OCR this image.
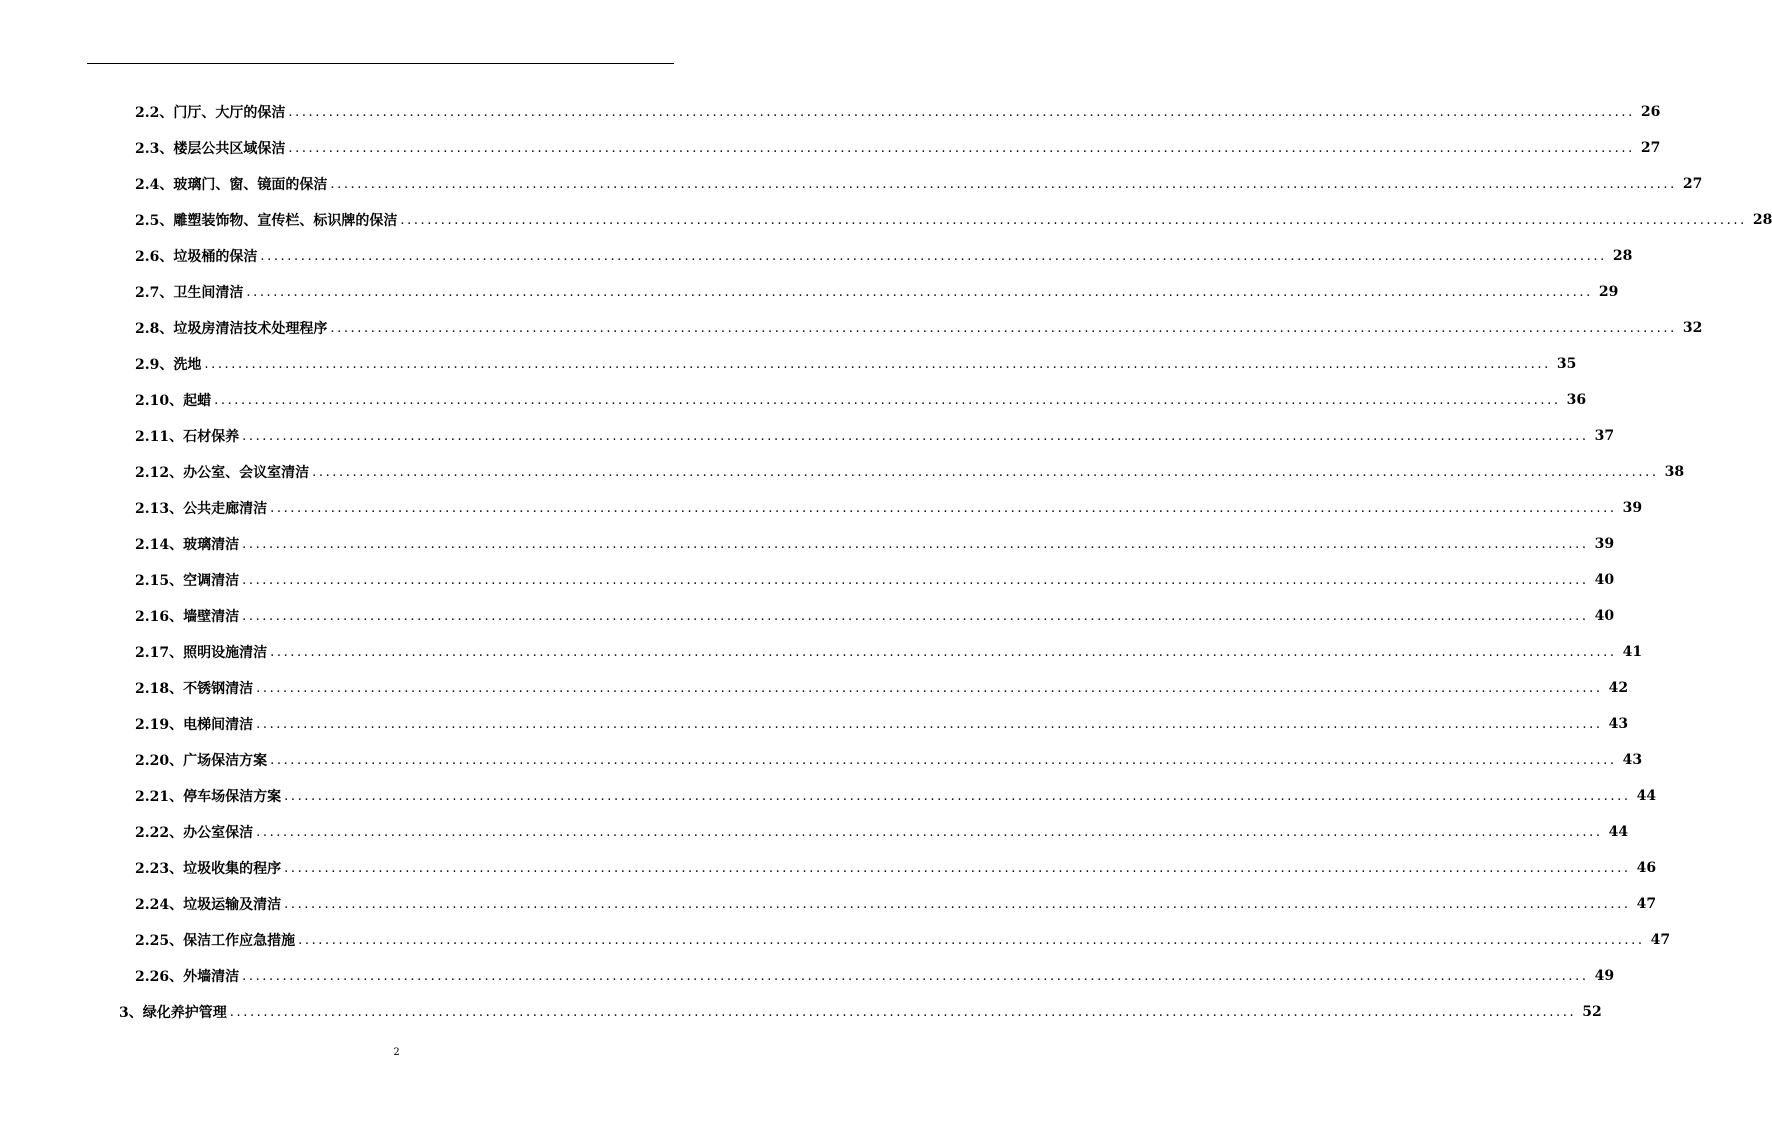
2.2、门厅、大厅的保洁 ........................................................................................................................................................................................................ 26
2.3、楼层公共区域保洁 ........................................................................................................................................................................................................ 27
2.4、玻璃门、窗、镜面的保洁 ........................................................................................................................................................................................................ 27
2.5、雕塑装饰物、宣传栏、标识牌的保洁 ........................................................................................................................................................................................................ 28
2.6、垃圾桶的保洁 ........................................................................................................................................................................................................ 28
2.7、卫生间清洁 ........................................................................................................................................................................................................ 29
2.8、垃圾房清洁技术处理程序 ........................................................................................................................................................................................................ 32
2.9、洗地 ........................................................................................................................................................................................................ 35
2.10、起蜡 ........................................................................................................................................................................................................ 36
2.11、石材保养 ........................................................................................................................................................................................................ 37
2.12、办公室、会议室清洁 ........................................................................................................................................................................................................ 38
2.13、公共走廊清洁 ........................................................................................................................................................................................................ 39
2.14、玻璃清洁 ........................................................................................................................................................................................................ 39
2.15、空调清洁 ........................................................................................................................................................................................................ 40
2.16、墙壁清洁 ........................................................................................................................................................................................................ 40
2.17、照明设施清洁 ........................................................................................................................................................................................................ 41
2.18、不锈钢清洁 ........................................................................................................................................................................................................ 42
2.19、电梯间清洁 ........................................................................................................................................................................................................ 43
2.20、广场保洁方案 ........................................................................................................................................................................................................ 43
2.21、停车场保洁方案 ........................................................................................................................................................................................................ 44
2.22、办公室保洁 ........................................................................................................................................................................................................ 44
2.23、垃圾收集的程序 ........................................................................................................................................................................................................ 46
2.24、垃圾运输及清洁 ........................................................................................................................................................................................................ 47
2.25、保洁工作应急措施 ........................................................................................................................................................................................................ 47
2.26、外墙清洁 ........................................................................................................................................................................................................ 49
3、绿化养护管理 ........................................................................................................................................................................................................ 52
2
